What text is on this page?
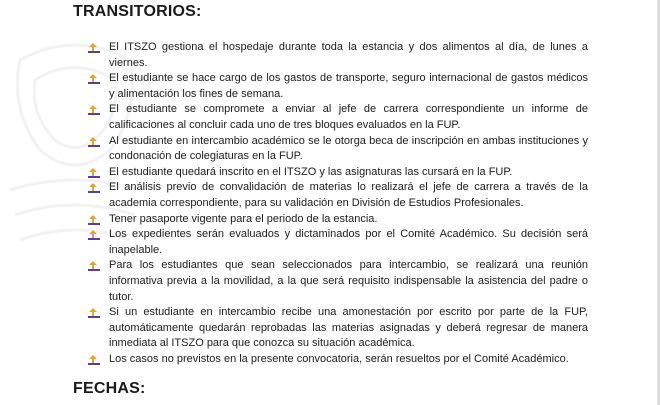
TRANSITORIOS:
El ITSZO gestiona el hospedaje durante toda la estancia y dos alimentos al día, de lunes a viernes.
El estudiante se hace cargo de los gastos de transporte, seguro internacional de gastos médicos y alimentación los fines de semana.
El estudiante se compromete a enviar al jefe de carrera correspondiente un informe de calificaciones al concluir cada uno de tres bloques evaluados en la FUP.
Al estudiante en intercambio académico se le otorga beca de inscripción en ambas instituciones y condonación de colegiaturas en la FUP.
El estudiante quedará inscrito en el ITSZO y las asignaturas las cursará en la FUP.
El análisis previo de convalidación de materias lo realizará el jefe de carrera a través de la academia correspondiente, para su validación en División de Estudios Profesionales.
Tener pasaporte vigente para el periodo de la estancia.
Los expedientes serán evaluados y dictaminados por el Comité Académico. Su decisión será inapelable.
Para los estudiantes que sean seleccionados para intercambio, se realizará una reunión informativa previa a la movilidad, a la que será requisito indispensable la asistencia del padre o tutor.
Si un estudiante en intercambio recibe una amonestación por escrito por parte de la FUP, automáticamente quedarán reprobadas las materias asignadas y deberá regresar de manera inmediata al ITSZO para que conozca su situación académica.
Los casos no previstos en la presente convocatoria, serán resueltos por el Comité Académico.
FECHAS:
